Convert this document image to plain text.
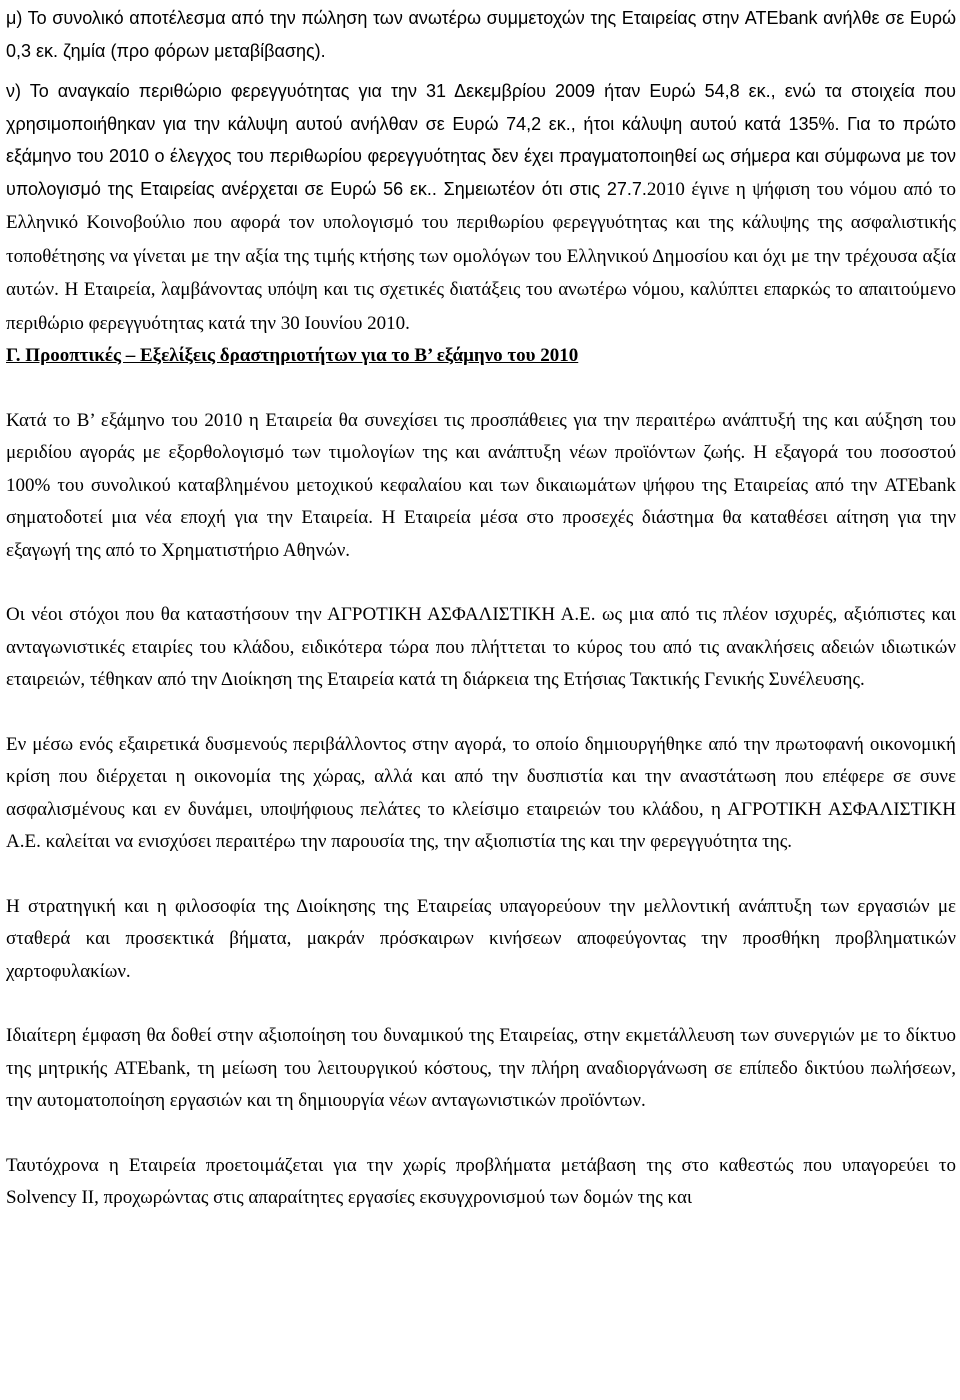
μ) Το συνολικό αποτέλεσμα από την πώληση των ανωτέρω συμμετοχών της Εταιρείας στην ATEbank ανήλθε σε Ευρώ 0,3 εκ. ζημία (προ φόρων μεταβίβασης).

ν) Το αναγκαίο περιθώριο φερεγγυότητας για την 31 Δεκεμβρίου 2009 ήταν Ευρώ 54,8 εκ., ενώ τα στοιχεία που χρησιμοποιήθηκαν για την κάλυψη αυτού ανήλθαν σε Ευρώ 74,2 εκ., ήτοι κάλυψη αυτού κατά 135%. Για το πρώτο εξάμηνο του 2010 ο έλεγχος του περιθωρίου φερεγγυότητας δεν έχει πραγματοποιηθεί ως σήμερα και σύμφωνα με τον υπολογισμό της Εταιρείας ανέρχεται σε Ευρώ 56 εκ.. Σημειωτέον ότι στις 27.7.2010 έγινε η ψήφιση του νόμου από το Ελληνικό Κοινοβούλιο που αφορά τον υπολογισμό του περιθωρίου φερεγγυότητας και της κάλυψης της ασφαλιστικής τοποθέτησης να γίνεται με την αξία της τιμής κτήσης των ομολόγων του Ελληνικού Δημοσίου και όχι με την τρέχουσα αξία αυτών. Η Εταιρεία, λαμβάνοντας υπόψη και τις σχετικές διατάξεις του ανωτέρω νόμου, καλύπτει επαρκώς το απαιτούμενο περιθώριο φερεγγυότητας κατά την 30 Ιουνίου 2010.

Γ. Προοπτικές – Εξελίξεις δραστηριοτήτων για το Β’ εξάμηνο του 2010

Κατά το Β’ εξάμηνο του 2010 η Εταιρεία θα συνεχίσει τις προσπάθειες για την περαιτέρω ανάπτυξή της και αύξηση του μεριδίου αγοράς με εξορθολογισμό των τιμολογίων της και ανάπτυξη νέων προϊόντων ζωής. Η εξαγορά του ποσοστού 100% του συνολικού καταβλημένου μετοχικού κεφαλαίου και των δικαιωμάτων ψήφου της Εταιρείας από την ATEbank σηματοδοτεί μια νέα εποχή για την Εταιρεία. Η Εταιρεία μέσα στο προσεχές διάστημα θα καταθέσει αίτηση για την εξαγωγή της από το Χρηματιστήριο Αθηνών.

Οι νέοι στόχοι που θα καταστήσουν την ΑΓΡΟΤΙΚΗ ΑΣΦΑΛΙΣΤΙΚΗ Α.Ε. ως μια από τις πλέον ισχυρές, αξιόπιστες και ανταγωνιστικές εταιρίες του κλάδου, ειδικότερα τώρα που πλήττεται το κύρος του από τις ανακλήσεις αδειών ιδιωτικών εταιρειών, τέθηκαν από την Διοίκηση της Εταιρεία κατά τη διάρκεια της Ετήσιας Τακτικής Γενικής Συνέλευσης.

Εν μέσω ενός εξαιρετικά δυσμενούς περιβάλλοντος στην αγορά, το οποίο δημιουργήθηκε από την πρωτοφανή οικονομική κρίση που διέρχεται η οικονομία της χώρας, αλλά και από την δυσπιστία και την αναστάτωση που επέφερε σε συνε ασφαλισμένους και εν δυνάμει, υποψήφιους πελάτες το κλείσιμο εταιρειών του κλάδου, η ΑΓΡΟΤΙΚΗ ΑΣΦΑΛΙΣΤΙΚΗ Α.Ε. καλείται να ενισχύσει περαιτέρω την παρουσία της, την αξιοπιστία της και την φερεγγυότητα της.

Η στρατηγική και η φιλοσοφία της Διοίκησης της Εταιρείας υπαγορεύουν την μελλοντική ανάπτυξη των εργασιών με σταθερά και προσεκτικά βήματα, μακράν πρόσκαιρων κινήσεων αποφεύγοντας την προσθήκη προβληματικών χαρτοφυλακίων.

Ιδιαίτερη έμφαση θα δοθεί στην αξιοποίηση του δυναμικού της Εταιρείας, στην εκμετάλλευση των συνεργιών με το δίκτυο της μητρικής ATEbank, τη μείωση του λειτουργικού κόστους, την πλήρη αναδιοργάνωση σε επίπεδο δικτύου πωλήσεων, την αυτοματοποίηση εργασιών και τη δημιουργία νέων ανταγωνιστικών προϊόντων.

Ταυτόχρονα η Εταιρεία προετοιμάζεται για την χωρίς προβλήματα μετάβαση της στο καθεστώς που υπαγορεύει το Solvency II, προχωρώντας στις απαραίτητες εργασίες εκσυγχρονισμού των δομών της και
